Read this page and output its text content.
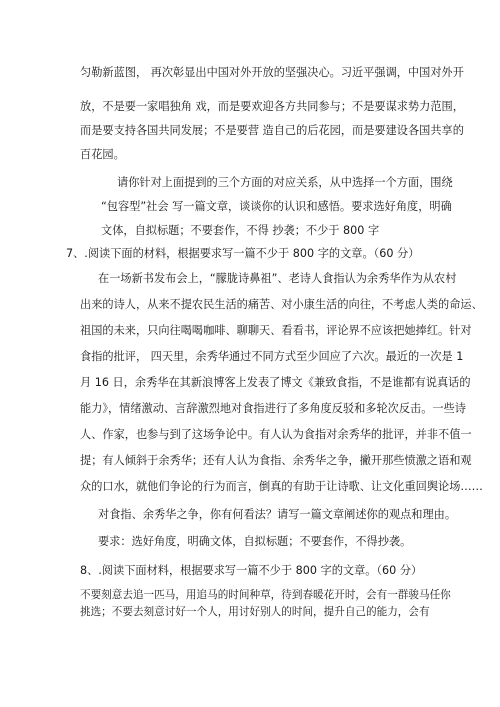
匀勒新蓝图， 再次彰显出中国对外开放的坚强决心。习近平强调，中国对外开
放，不是要一家唱独角 戏，而是要欢迎各方共同参与；不是要谋求势力范围，
而是要支持各国共同发展；不是要营 造自己的后花园，而是要建设各国共享的
百花园。
请你针对上面提到的三个方面的对应关系，从中选择一个方面，围绕
“包容型”社会 写一篇文章，谈谈你的认识和感悟。要求选好角度，明确
文体，自拟标题；不要套作，不得 抄袭；不少于 800 字
7、.阅读下面的材料，根据要求写一篇不少于 800 字的文章。（60 分）
在一场新书发布会上，“朦胧诗鼻祖”、老诗人食指认为余秀华作为从农村
出来的诗人，从来不提农民生活的痛苦、对小康生活的向往，不考虑人类的命运、
祖国的未来，只向往喝喝咖啡、聊聊天、看看书，评论界不应该把她捧红。针对
食指的批评， 四天里，余秀华通过不同方式至少回应了六次。最近的一次是 1
月 16 日，余秀华在其新浪博客上发表了博文《兼致食指，不是谁都有说真话的
能力》，情绪激动、言辞激烈地对食指进行了多角度反驳和多轮次反击。一些诗
人、作家，也参与到了这场争论中。有人认为食指对余秀华的批评，并非不值一
提；有人倾斜于余秀华；还有人认为食指、余秀华之争，撇开那些愤激之语和观
众的口水，就他们争论的行为而言，倒真的有助于让诗歌、让文化重回舆论场……
对食指、余秀华之争，你有何看法？请写一篇文章阐述你的观点和理由。
要求：选好角度，明确文体，自拟标题；不要套作，不得抄袭。
8、.阅读下面材料，根据要求写一篇不少于 800 字的文章。（60 分）
不要刻意去追一匹马，用追马的时间种草，待到春暖花开时，会有一群骏马任你
挑选；不要去刻意讨好一个人，用讨好别人的时间，提升自己的能力，会有
